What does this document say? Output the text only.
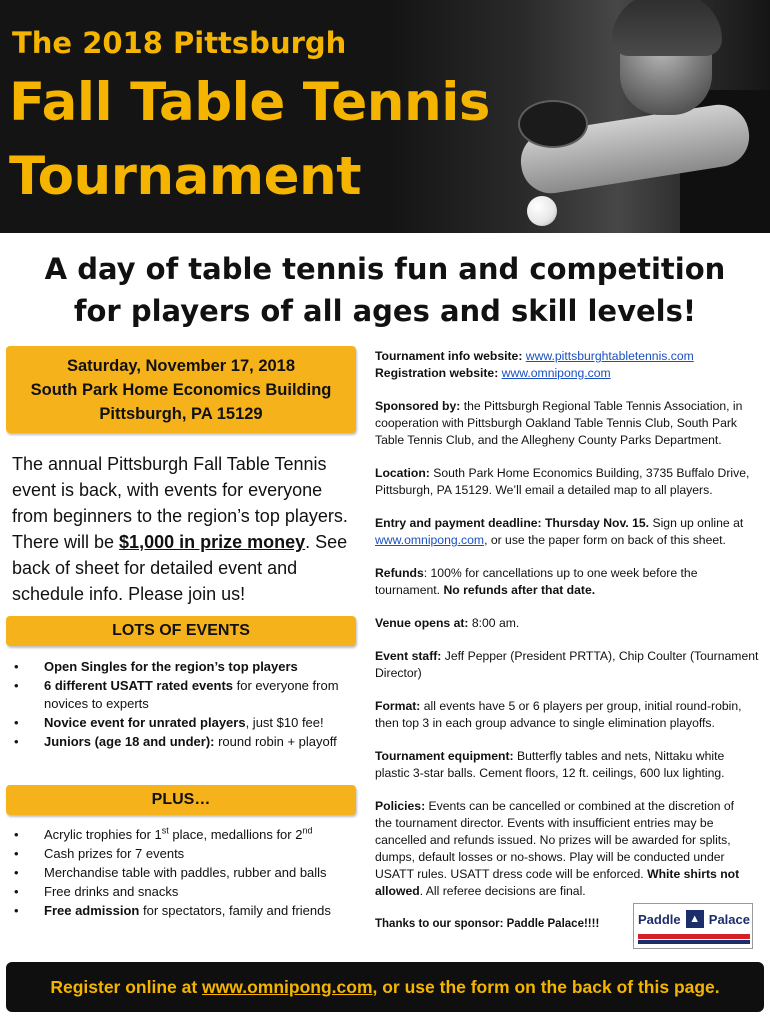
The 2018 Pittsburgh
Fall Table Tennis
Tournament
A day of table tennis fun and competition
for players of all ages and skill levels!
Saturday, November 17, 2018
South Park Home Economics Building
Pittsburgh, PA 15129

The annual Pittsburgh Fall Table Tennis event is back, with events for everyone from beginners to the region’s top players. There will be $1,000 in prize money. See back of sheet for detailed event and schedule info. Please join us!

LOTS OF EVENTS
• Open Singles for the region’s top players
• 6 different USATT rated events for everyone from novices to experts
• Novice event for unrated players, just $10 fee!
• Juniors (age 18 and under): round robin + playoff
PLUS…
• Acrylic trophies for 1st place, medallions for 2nd
• Cash prizes for 7 events
• Merchandise table with paddles, rubber and balls
• Free drinks and snacks
• Free admission for spectators, family and friends
Tournament info website: www.pittsburghtabletennis.com
Registration website: www.omnipong.com
Sponsored by: the Pittsburgh Regional Table Tennis Association, in cooperation with Pittsburgh Oakland Table Tennis Club, South Park Table Tennis Club, and the Allegheny County Parks Department.
Location: South Park Home Economics Building, 3735 Buffalo Drive, Pittsburgh, PA 15129. We’ll email a detailed map to all players.
Entry and payment deadline: Thursday Nov. 15. Sign up online at www.omnipong.com, or use the paper form on back of this sheet.
Refunds: 100% for cancellations up to one week before the tournament. No refunds after that date.
Venue opens at: 8:00 am.
Event staff: Jeff Pepper (President PRTTA), Chip Coulter (Tournament Director)
Format: all events have 5 or 6 players per group, initial round-robin, then top 3 in each group advance to single elimination playoffs.
Tournament equipment: Butterfly tables and nets, Nittaku white plastic 3-star balls. Cement floors, 12 ft. ceilings, 600 lux lighting.
Policies: Events can be cancelled or combined at the discretion of the tournament director. Events with insufficient entries may be cancelled and refunds issued. No prizes will be awarded for splits, dumps, default losses or no-shows. Play will be conducted under USATT rules. USATT dress code will be enforced. White shirts not allowed. All referee decisions are final.
Thanks to our sponsor: Paddle Palace!!!!	Paddle ▲ Palace
Register online at www.omnipong.com, or use the form on the back of this page.
